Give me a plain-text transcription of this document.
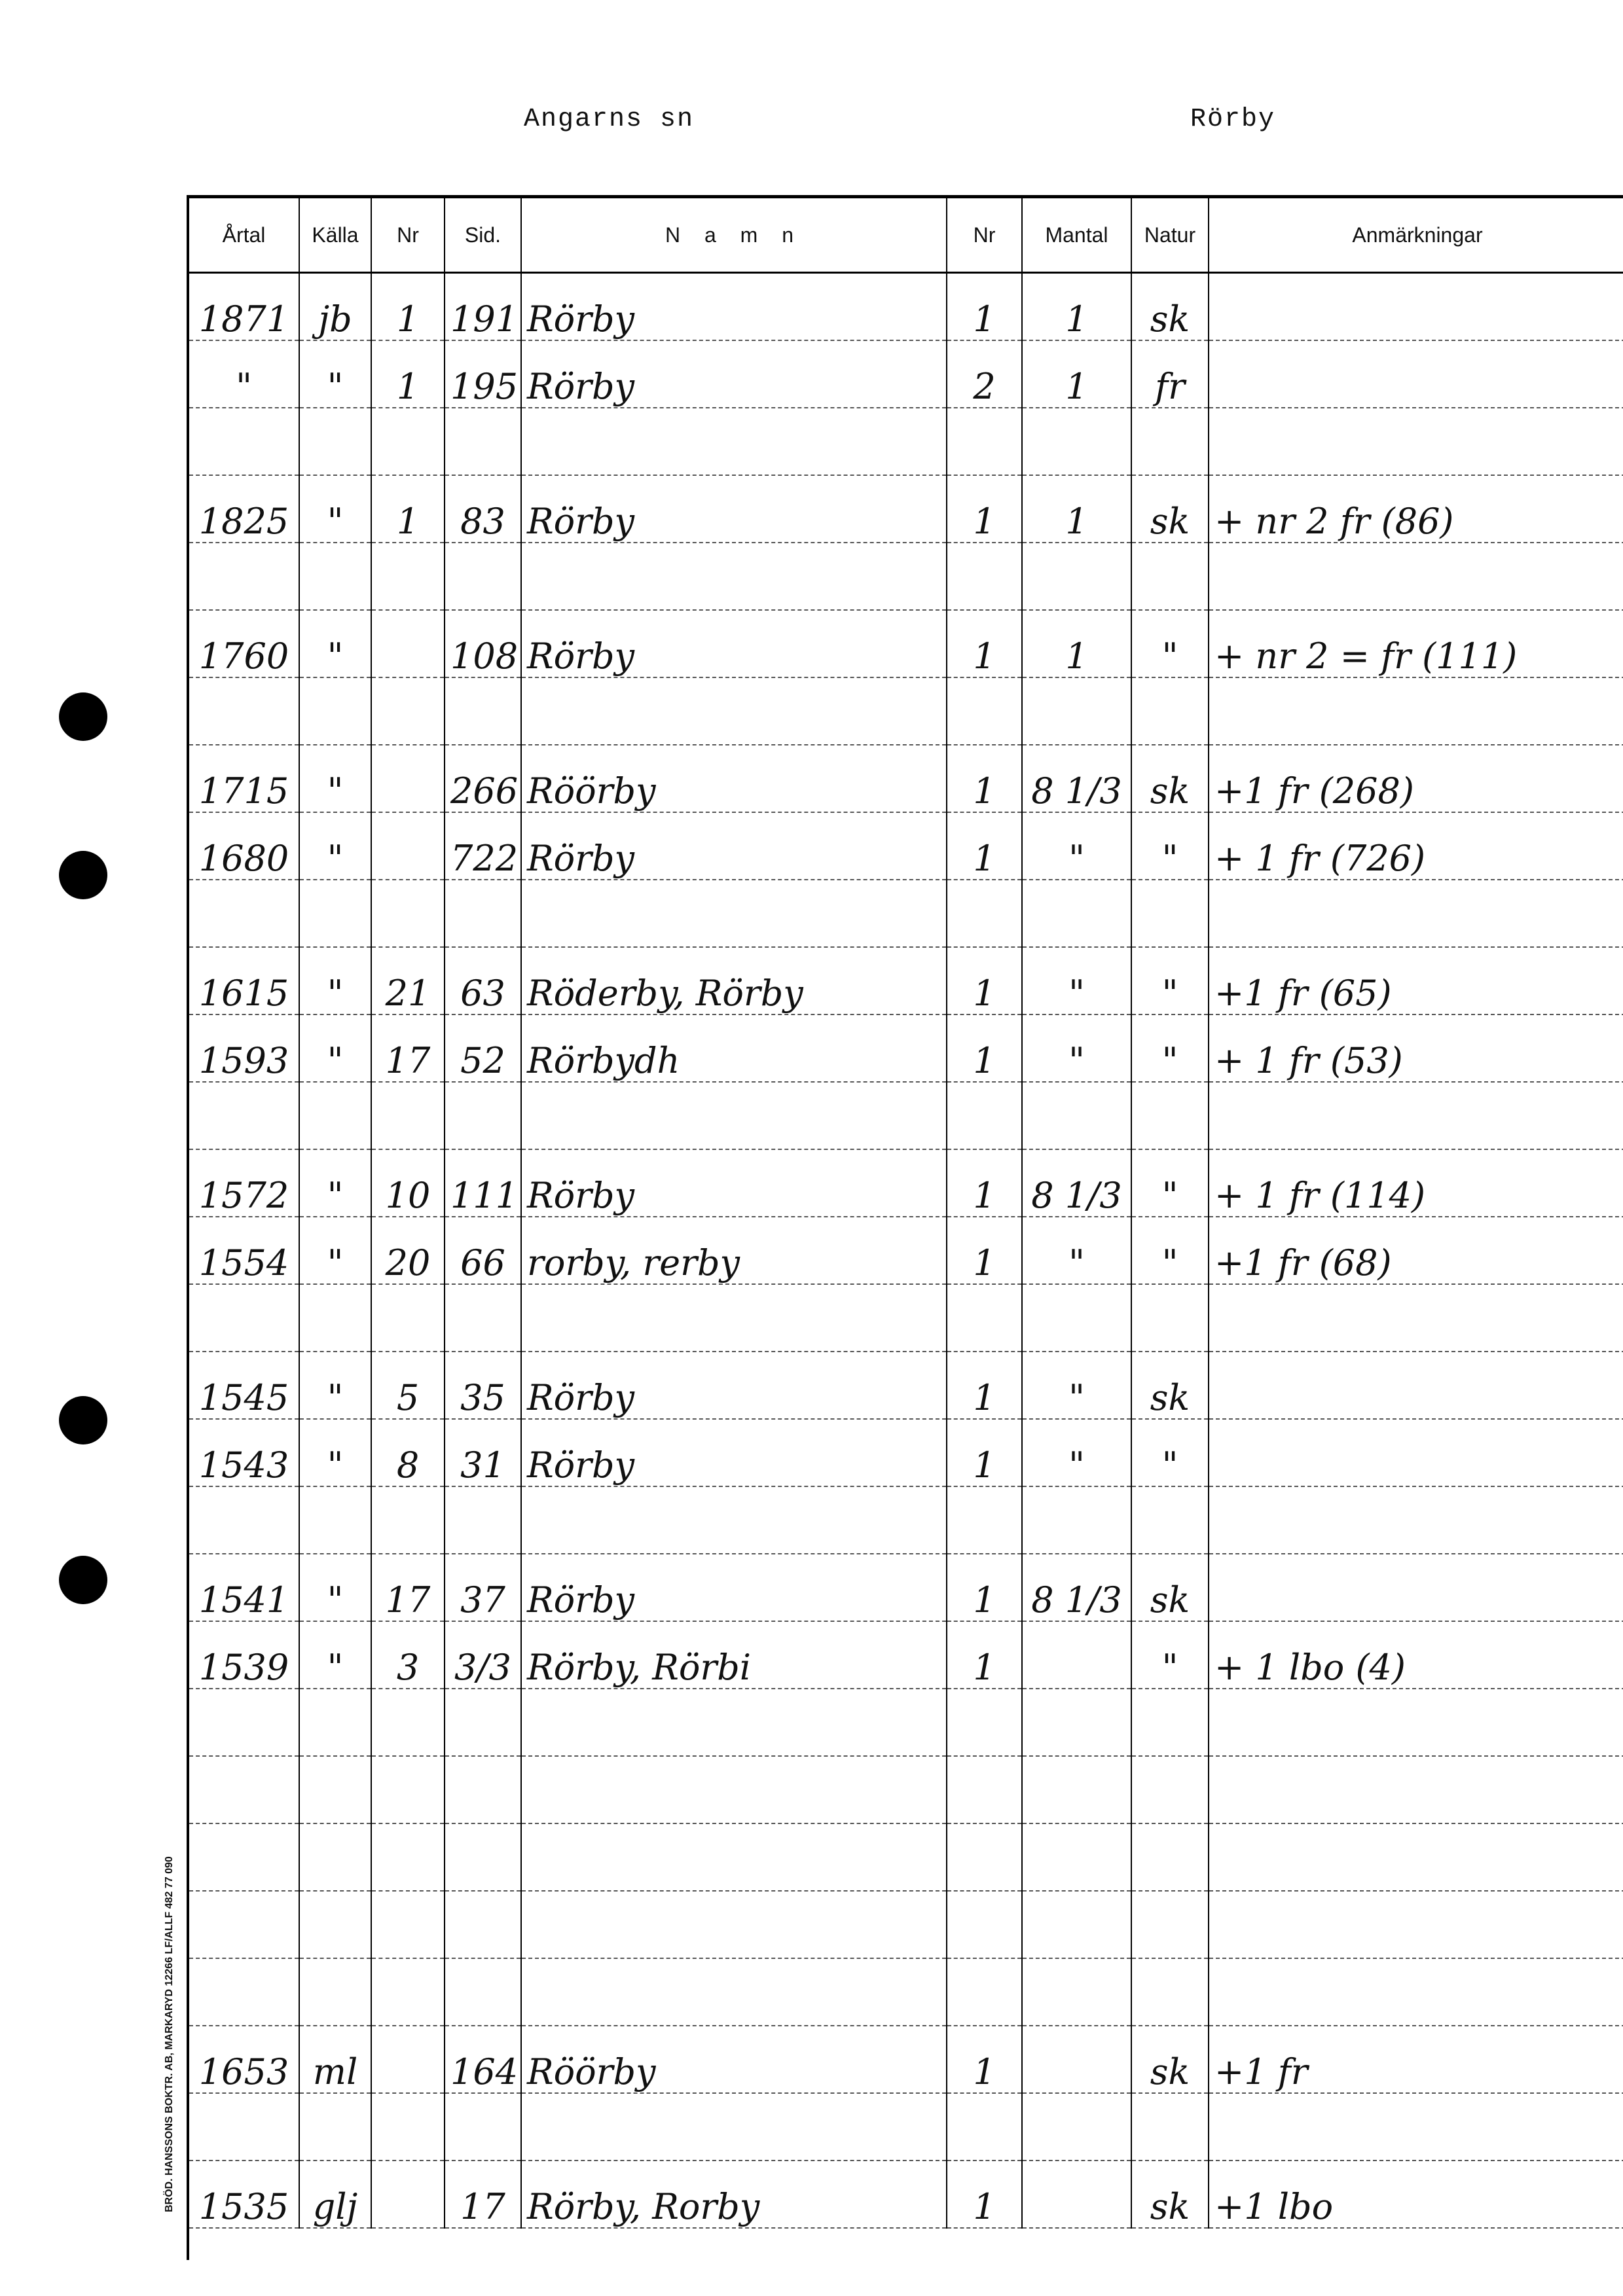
Angarns sn	Rörby
BRÖD. HANSSONS BOKTR. AB, MARKARYD 12266 LF/ALLF 482 77 090
Årtal	Källa	Nr	Sid.	N a m n	Nr	Mantal	Natur	Anmärkningar
1871	jb	1	191	Rörby	1	1	sk	
"	"	1	195	Rörby	2	1	fr	

1825	"	1	83	Rörby	1	1	sk	+ nr 2 fr (86)

1760	"		108	Rörby	1	1	"	+ nr 2 = fr (111)

1715	"		266	Röörby	1	8 1/3	sk	+1 fr (268)
1680	"		722	Rörby	1	"	"	+ 1 fr (726)

1615	"	21	63	Röderby, Rörby	1	"	"	+1 fr (65)
1593	"	17	52	Rörbydh	1	"	"	+ 1 fr (53)

1572	"	10	111	Rörby	1	8 1/3	"	+ 1 fr (114)
1554	"	20	66	rorby, rerby	1	"	"	+1 fr (68)

1545	"	5	35	Rörby	1	"	sk	
1543	"	8	31	Rörby	1	"	"	

1541	"	17	37	Rörby	1	8 1/3	sk	
1539	"	3	3/3	Rörby, Rörbi	1		"	+ 1 lbo (4)

1653	ml		164	Röörby	1		sk	+1 fr

1535	glj		17	Rörby, Rorby	1		sk	+1 lbo
